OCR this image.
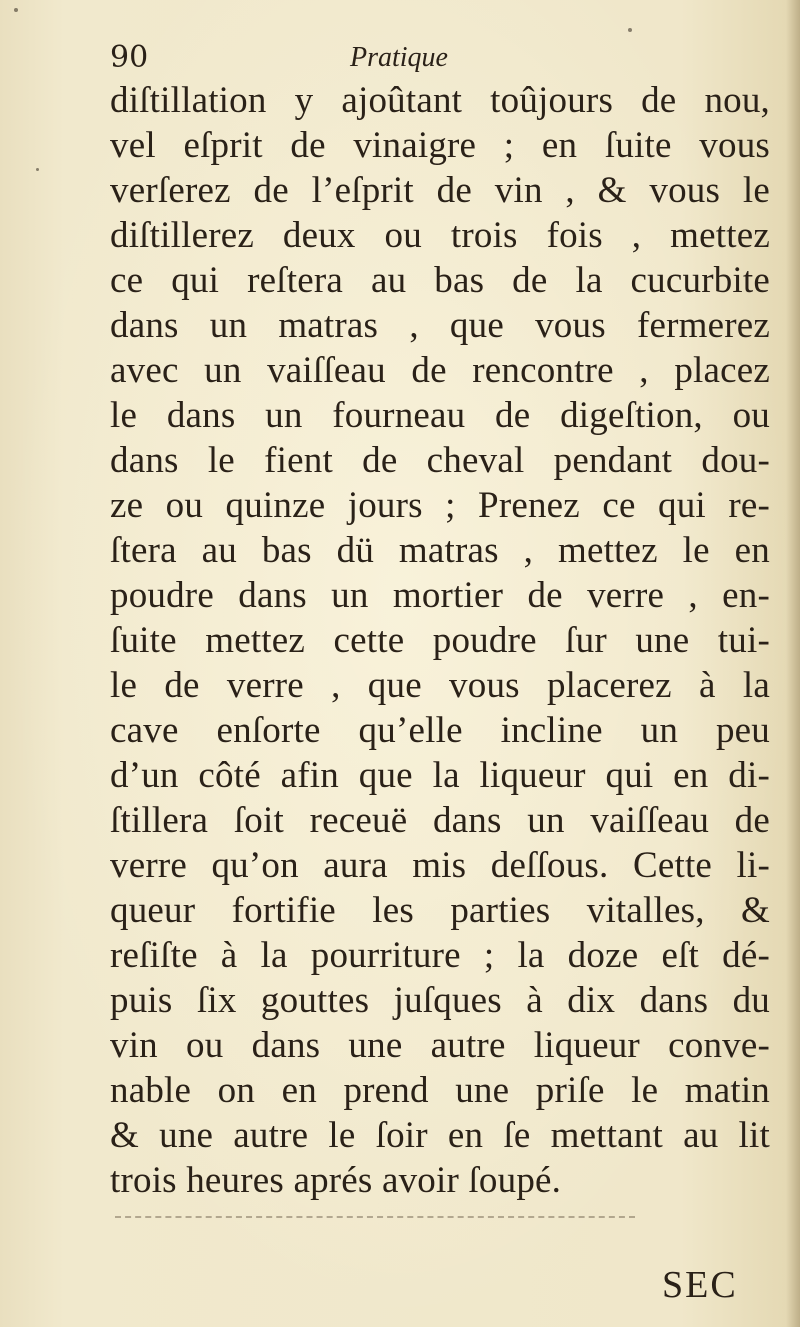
90	Pratique
diſtillation y ajoûtant toûjours de nou,
vel eſprit de vinaigre ; en ſuite vous
verſerez de l’eſprit de vin , & vous le
diſtillerez deux ou trois fois , mettez
ce qui reſtera au bas de la cucurbite
dans un matras , que vous fermerez
avec un vaiſſeau de rencontre , placez
le dans un fourneau de digeſtion, ou
dans le fient de cheval pendant dou-
ze ou quinze jours ; Prenez ce qui re-
ſtera au bas dü matras , mettez le en
poudre dans un mortier de verre , en-
ſuite mettez cette poudre ſur une tui-
le de verre , que vous placerez à la
cave enſorte qu’elle incline un peu
d’un côté afin que la liqueur qui en di-
ſtillera ſoit receuë dans un vaiſſeau de
verre qu’on aura mis deſſous. Cette li-
queur fortifie les parties vitalles, &
reſiſte à la pourriture ; la doze eſt dé-
puis ſix gouttes juſques à dix dans du
vin ou dans une autre liqueur conve-
nable on en prend une priſe le matin
& une autre le ſoir en ſe mettant au lit
trois heures aprés avoir ſoupé.
SEC
